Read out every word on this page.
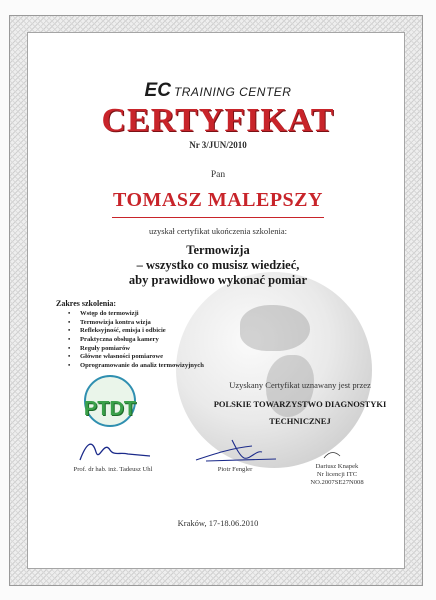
EC TRAINING CENTER
CERTYFIKAT
Nr 3/JUN/2010
Pan
TOMASZ MALEPSZY
uzyskał certyfikat ukończenia szkolenia:
Termowizja
– wszystko co musisz wiedzieć,
aby prawidłowo wykonać pomiar
Zakres szkolenia:
• Wstęp do termowizji
• Termowizja kontra wizja
• Refleksyjność, emisja i odbicie
• Praktyczna obsługa kamery
• Reguły pomiarów
• Główne własności pomiarowe
• Oprogramowanie do analiz termowizyjnych
Uzyskany Certyfikat uznawany jest przez
POLSKIE TOWARZYSTWO DIAGNOSTYKI
TECHNICZNEJ
PTDT
Prof. dr hab. inż. Tadeusz Uhl	Piotr Fengler	Dariusz Knapek
Nr licencji ITC
NO.2007SE27N008
Kraków, 17-18.06.2010
